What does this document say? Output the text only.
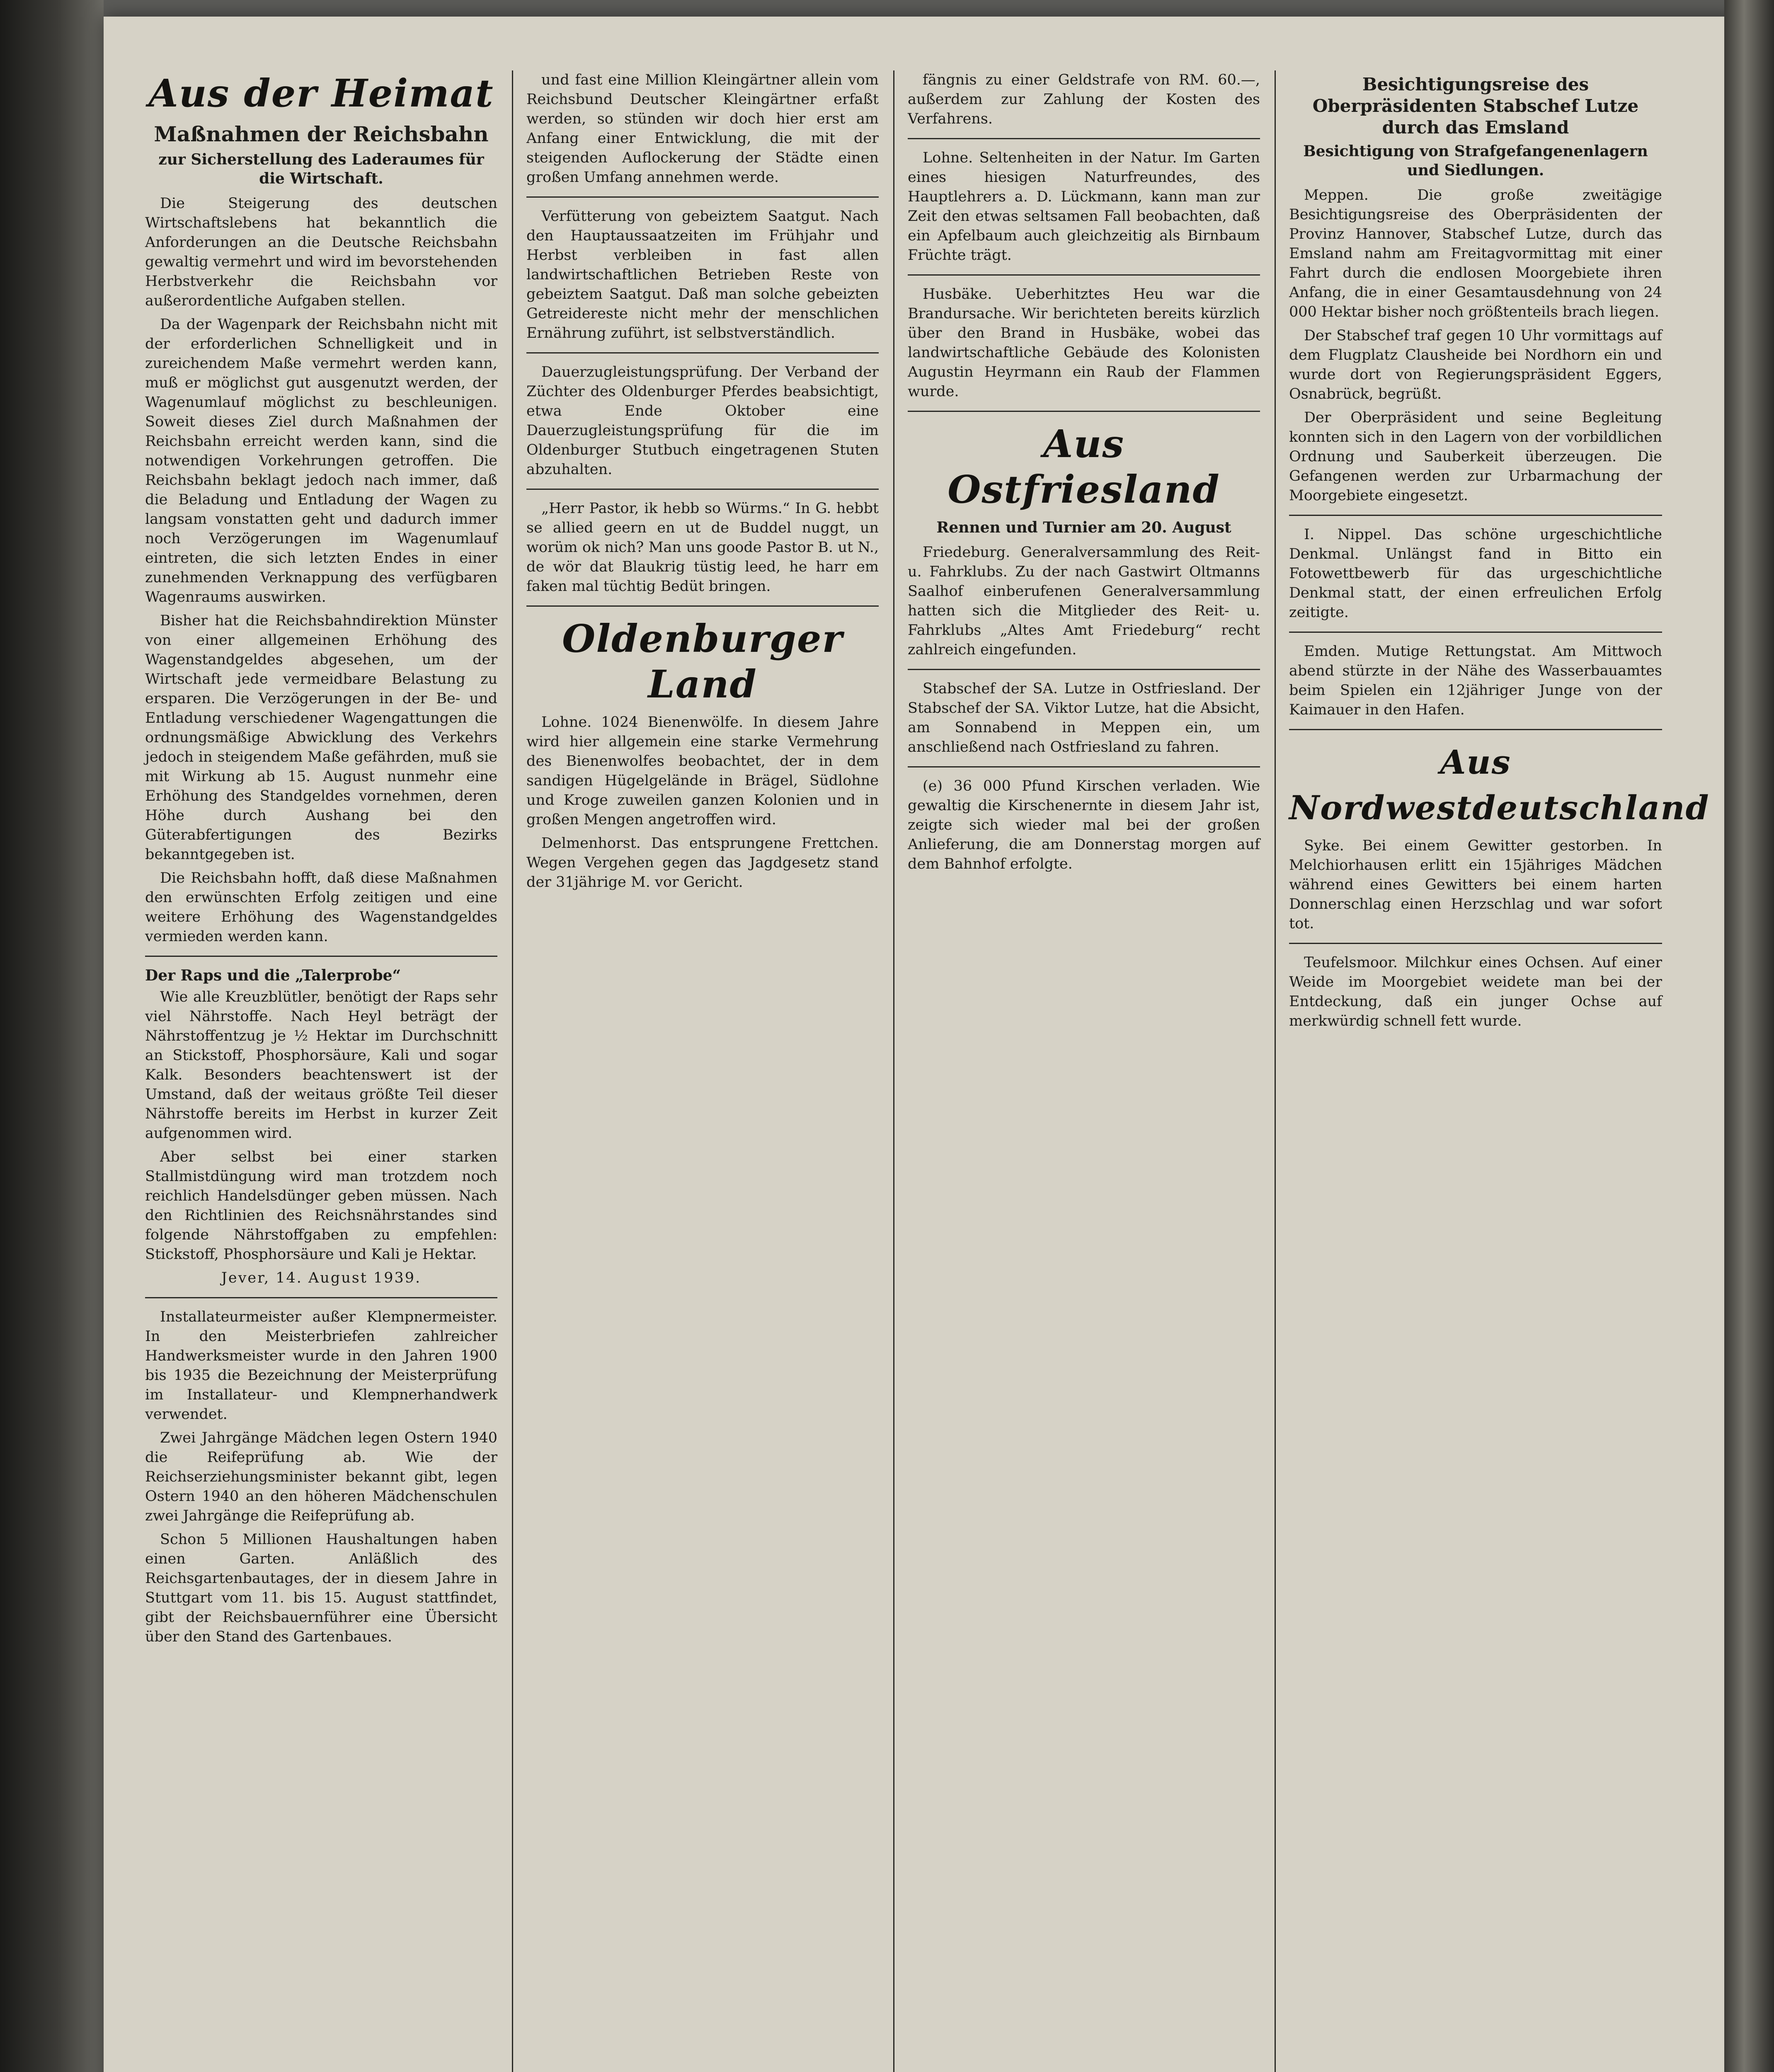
Aus der Heimat
Maßnahmen der Reichsbahn
zur Sicherstellung des Laderaumes für die Wirtschaft.

Die Steigerung des deutschen Wirtschaftslebens hat bekanntlich die Anforderungen an die Deutsche Reichsbahn gewaltig vermehrt und wird im bevorstehenden Herbstverkehr die Reichsbahn vor außerordentliche Aufgaben stellen.

Da der Wagenpark der Reichsbahn nicht mit der erforderlichen Schnelligkeit und in zureichendem Maße vermehrt werden kann, muß er möglichst gut ausgenutzt werden, der Wagenumlauf möglichst zu beschleunigen. Soweit dieses Ziel durch Maßnahmen der Reichsbahn erreicht werden kann, sind die notwendigen Vorkehrungen getroffen. Die Reichsbahn beklagt jedoch nach immer, daß die Beladung und Entladung der Wagen zu langsam vonstatten geht und dadurch immer noch Verzögerungen im Wagenumlauf eintreten, die sich letzten Endes in einer zunehmenden Verknappung des verfügbaren Wagenraums auswirken.

Bisher hat die Reichsbahndirektion Münster von einer allgemeinen Erhöhung des Wagenstandgeldes abgesehen, um der Wirtschaft jede vermeidbare Belastung zu ersparen. Die Verzögerungen in der Be- und Entladung verschiedener Wagengattungen die ordnungsmäßige Abwicklung des Verkehrs jedoch in steigendem Maße gefährden, muß sie mit Wirkung ab 15. August nunmehr eine Erhöhung des Standgeldes vornehmen, deren Höhe durch Aushang bei den Güterabfertigungen des Bezirks bekanntgegeben ist.

Die Reichsbahn hofft, daß diese Maßnahmen den erwünschten Erfolg zeitigen und eine weitere Erhöhung des Wagenstandgeldes vermieden werden kann.

Der Raps und die „Talerprobe“

Wie alle Kreuzblütler, benötigt der Raps sehr viel Nährstoffe. Nach Heyl beträgt der Nährstoffentzug je ½ Hektar im Durchschnitt an Stickstoff, Phosphorsäure, Kali und sogar Kalk. Besonders beachtenswert ist der Umstand, daß der weitaus größte Teil dieser Nährstoffe bereits im Herbst in kurzer Zeit aufgenommen wird.

Aber selbst bei einer starken Stallmistdüngung wird man trotzdem noch reichlich Handelsdünger geben müssen. Nach den Richtlinien des Reichsnährstandes sind folgende Nährstoffgaben zu empfehlen: Stickstoff, Phosphorsäure und Kali je Hektar.

Jever, 14. August 1939.

Installateurmeister außer Klempnermeister. In den Meisterbriefen zahlreicher Handwerksmeister wurde in den Jahren 1900 bis 1935 die Bezeichnung der Meisterprüfung im Installateur- und Klempnerhandwerk verwendet.

Zwei Jahrgänge Mädchen legen Ostern 1940 die Reifeprüfung ab. Wie der Reichserziehungsminister bekannt gibt, legen Ostern 1940 an den höheren Mädchenschulen zwei Jahrgänge die Reifeprüfung ab.

Schon 5 Millionen Haushaltungen haben einen Garten. Anläßlich des Reichsgartenbautages, der in diesem Jahre in Stuttgart vom 11. bis 15. August stattfindet, gibt der Reichsbauernführer eine Übersicht über den Stand des Gartenbaues.

und fast eine Million Kleingärtner allein vom Reichsbund Deutscher Kleingärtner erfaßt werden, so stünden wir doch hier erst am Anfang einer Entwicklung, die mit der steigenden Auflockerung der Städte einen großen Umfang annehmen werde.

Verfütterung von gebeiztem Saatgut. Nach den Hauptaussaatzeiten im Frühjahr und Herbst verbleiben in fast allen landwirtschaftlichen Betrieben Reste von gebeiztem Saatgut. Daß man solche gebeizten Getreidereste nicht mehr der menschlichen Ernährung zuführt, ist selbstverständlich.

Dauerzugleistungsprüfung. Der Verband der Züchter des Oldenburger Pferdes beabsichtigt, etwa Ende Oktober eine Dauerzugleistungsprüfung für die im Oldenburger Stutbuch eingetragenen Stuten abzuhalten.

„Herr Pastor, ik hebb so Würms.“ In G. hebbt se allied geern en ut de Buddel nuggt, un worüm ok nich? Man uns goode Pastor B. ut N., de wör dat Blaukrig tüstig leed, he harr em faken mal tüchtig Bedüt bringen.

Oldenburger Land

Lohne. 1024 Bienenwölfe. In diesem Jahre wird hier allgemein eine starke Vermehrung des Bienenwolfes beobachtet, der in dem sandigen Hügelgelände in Brägel, Südlohne und Kroge zuweilen ganzen Kolonien und in großen Mengen angetroffen wird.

Delmenhorst. Das entsprungene Frettchen. Wegen Vergehen gegen das Jagdgesetz stand der 31jährige M. vor Gericht.

fängnis zu einer Geldstrafe von RM. 60.—, außerdem zur Zahlung der Kosten des Verfahrens.

Lohne. Seltenheiten in der Natur. Im Garten eines hiesigen Naturfreundes, des Hauptlehrers a. D. Lückmann, kann man zur Zeit den etwas seltsamen Fall beobachten, daß ein Apfelbaum auch gleichzeitig als Birnbaum Früchte trägt.

Husbäke. Ueberhitztes Heu war die Brandursache. Wir berichteten bereits kürzlich über den Brand in Husbäke, wobei das landwirtschaftliche Gebäude des Kolonisten Augustin Heyrmann ein Raub der Flammen wurde.

Aus Ostfriesland
Rennen und Turnier am 20. August

Friedeburg. Generalversammlung des Reit- u. Fahrklubs. Zu der nach Gastwirt Oltmanns Saalhof einberufenen Generalversammlung hatten sich die Mitglieder des Reit- u. Fahrklubs „Altes Amt Friedeburg“ recht zahlreich eingefunden.

Stabschef der SA. Lutze in Ostfriesland. Der Stabschef der SA. Viktor Lutze, hat die Absicht, am Sonnabend in Meppen ein, um anschließend nach Ostfriesland zu fahren.

(e) 36 000 Pfund Kirschen verladen. Wie gewaltig die Kirschenernte in diesem Jahr ist, zeigte sich wieder mal bei der großen Anlieferung, die am Donnerstag morgen auf dem Bahnhof erfolgte.

Besichtigungsreise des Oberpräsidenten Stabschef Lutze durch das Emsland
Besichtigung von Strafgefangenenlagern und Siedlungen.

Meppen. Die große zweitägige Besichtigungsreise des Oberpräsidenten der Provinz Hannover, Stabschef Lutze, durch das Emsland nahm am Freitagvormittag mit einer Fahrt durch die endlosen Moorgebiete ihren Anfang, die in einer Gesamtausdehnung von 24 000 Hektar bisher noch größtenteils brach liegen.

Der Stabschef traf gegen 10 Uhr vormittags auf dem Flugplatz Clausheide bei Nordhorn ein und wurde dort von Regierungspräsident Eggers, Osnabrück, begrüßt.

Der Oberpräsident und seine Begleitung konnten sich in den Lagern von der vorbildlichen Ordnung und Sauberkeit überzeugen. Die Gefangenen werden zur Urbarmachung der Moorgebiete eingesetzt.

I. Nippel. Das schöne urgeschichtliche Denkmal. Unlängst fand in Bitto ein Fotowettbewerb für das urgeschichtliche Denkmal statt, der einen erfreulichen Erfolg zeitigte.

Emden. Mutige Rettungstat. Am Mittwoch abend stürzte in der Nähe des Wasserbauamtes beim Spielen ein 12jähriger Junge von der Kaimauer in den Hafen.

Aus Nordwestdeutschland

Syke. Bei einem Gewitter gestorben. In Melchiorhausen erlitt ein 15jähriges Mädchen während eines Gewitters bei einem harten Donnerschlag einen Herzschlag und war sofort tot.

Teufelsmoor. Milchkur eines Ochsen. Auf einer Weide im Moorgebiet weidete man bei der Entdeckung, daß ein junger Ochse auf merkwürdig schnell fett wurde.
